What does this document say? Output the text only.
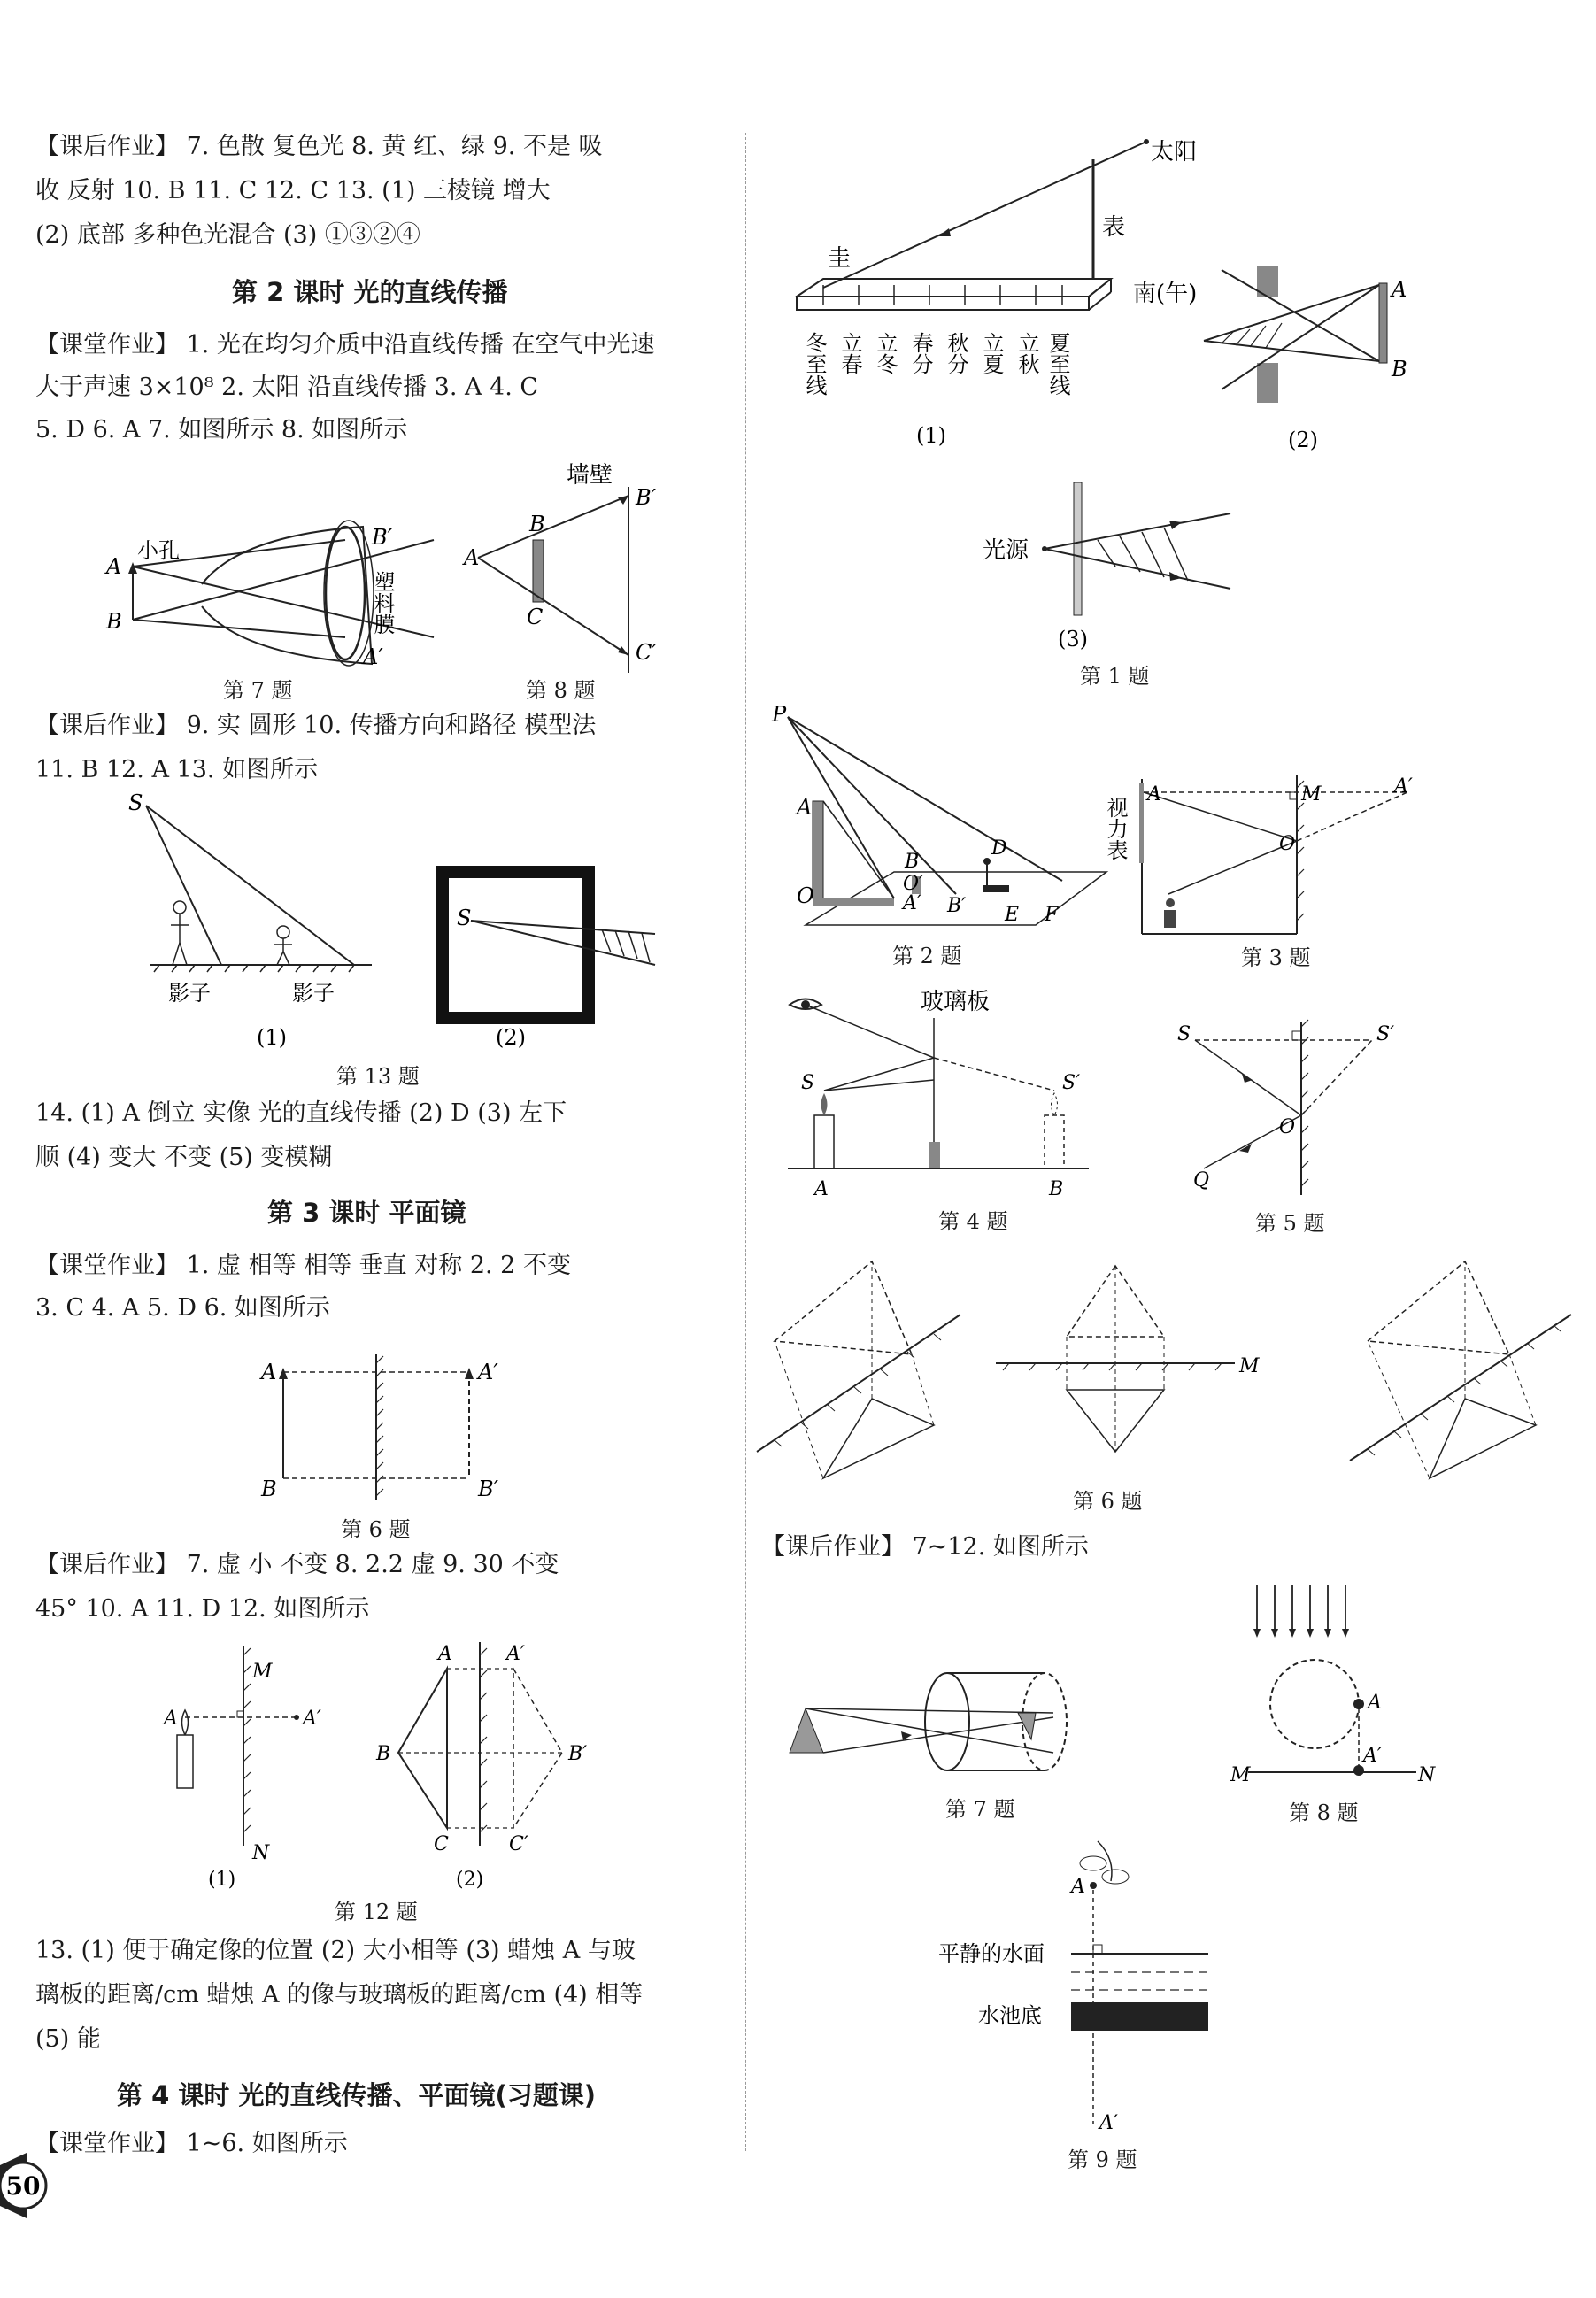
【课后作业】 7. 色散 复色光 8. 黄 红、绿 9. 不是 吸
收 反射 10. B 11. C 12. C 13. (1) 三棱镜 增大
(2) 底部 多种色光混合 (3) ①③②④
第 2 课时 光的直线传播
【课堂作业】 1. 光在均匀介质中沿直线传播 在空气中光速
大于声速 3×10⁸ 2. 太阳 沿直线传播 3. A 4. C
5. D 6. A 7. 如图所示 8. 如图所示
A
B
小孔
B′
A′
塑料膜
第 7 题
A
B
C
B′
C′
墙壁
第 8 题
【课后作业】 9. 实 圆形 10. 传播方向和路径 模型法
11. B 12. A 13. 如图所示
S
影子	影子
(1)
S
(2)
第 13 题
14. (1) A 倒立 实像 光的直线传播 (2) D (3) 左下
顺 (4) 变大 不变 (5) 变模糊
第 3 课时 平面镜
【课堂作业】 1. 虚 相等 相等 垂直 对称 2. 2 不变
3. C 4. A 5. D 6. 如图所示
A	A′
B	B′
第 6 题
【课后作业】 7. 虚 小 不变 8. 2.2 虚 9. 30 不变
45° 10. A 11. D 12. 如图所示
A	A′
M
N
(1)
A	A′
B	B′
C	C′
(2)
第 12 题
13. (1) 便于确定像的位置 (2) 大小相等 (3) 蜡烛 A 与玻
璃板的距离/cm 蜡烛 A 的像与玻璃板的距离/cm (4) 相等
(5) 能
第 4 课时 光的直线传播、平面镜(习题课)
【课堂作业】 1~6. 如图所示
50
太阳
表
圭
南(午)
冬至线 立春 立冬 春分 秋分 立夏 立秋 夏至线
(1)
A
B
(2)
光源
(3)
第 1 题
P
A
O
B
O′
A′ B′
D
E F
第 2 题
视力表
A	M	A′
O
第 3 题
玻璃板
S	S′
A	B
第 4 题
S	S′
O
Q
第 5 题
M
第 6 题
【课后作业】 7~12. 如图所示
第 7 题
A
A′
M	N
第 8 题
A
A′
平静的水面
水池底
第 9 题
